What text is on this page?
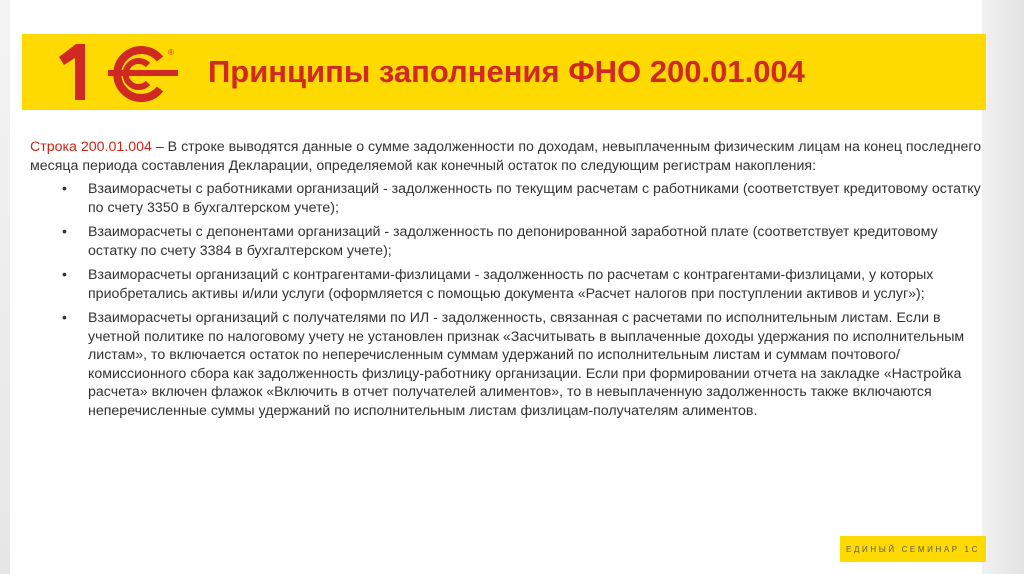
®
Принципы заполнения ФНО 200.01.004

Строка 200.01.004 – В строке выводятся данные о сумме задолженности по доходам, невыплаченным физическим лицам на конец последнего месяца периода составления Декларации, определяемой как конечный остаток по следующим регистрам накопления:

• Взаиморасчеты с работниками организаций - задолженность по текущим расчетам с работниками (соответствует кредитовому остатку по счету 3350 в бухгалтерском учете);
• Взаиморасчеты с депонентами организаций - задолженность по депонированной заработной плате (соответствует кредитовому остатку по счету 3384 в бухгалтерском учете);
• Взаиморасчеты организаций с контрагентами-физлицами - задолженность по расчетам с контрагентами-физлицами, у которых приобретались активы и/или услуги (оформляется с помощью документа «Расчет налогов при поступлении активов и услуг»);
• Взаиморасчеты организаций с получателями по ИЛ - задолженность, связанная с расчетами по исполнительным листам. Если в учетной политике по налоговому учету не установлен признак «Засчитывать в выплаченные доходы удержания по исполнительным листам», то включается остаток по неперечисленным суммам удержаний по исполнительным листам и суммам почтового/комиссионного сбора как задолженность физлицу-работнику организации. Если при формировании отчета на закладке «Настройка расчета» включен флажок «Включить в отчет получателей алиментов», то в невыплаченную задолженность также включаются неперечисленные суммы удержаний по исполнительным листам физлицам-получателям алиментов.
ЕДИНЫЙ СЕМИНАР 1С
